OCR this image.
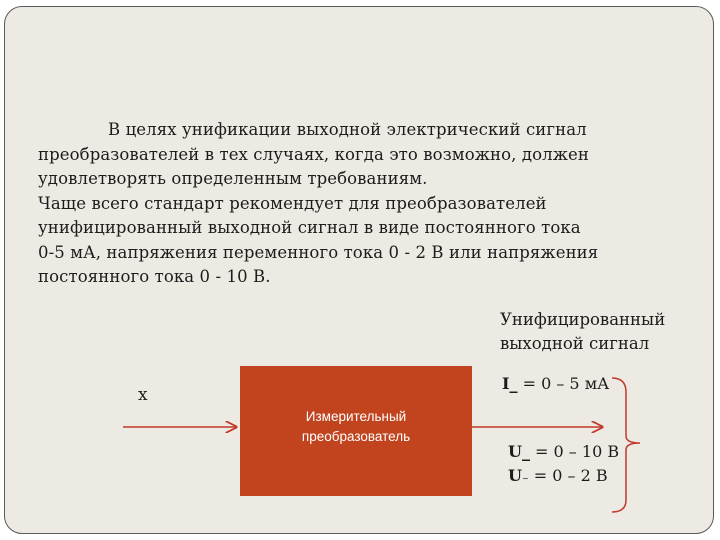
В целях унификации выходной электрический сигнал
преобразователей в тех случаях, когда это возможно, должен
удовлетворять определенным требованиям.
Чаще всего стандарт рекомендует для преобразователей
унифицированный выходной сигнал в виде постоянного тока
0-5 мА, напряжения переменного тока 0 - 2 В или напряжения
постоянного тока 0 - 10 В.
Унифицированный
выходной сигнал
x
Измерительный
преобразователь
I_ = 0 – 5 мА
U_ = 0 – 10 В
U~ = 0 – 2 В
